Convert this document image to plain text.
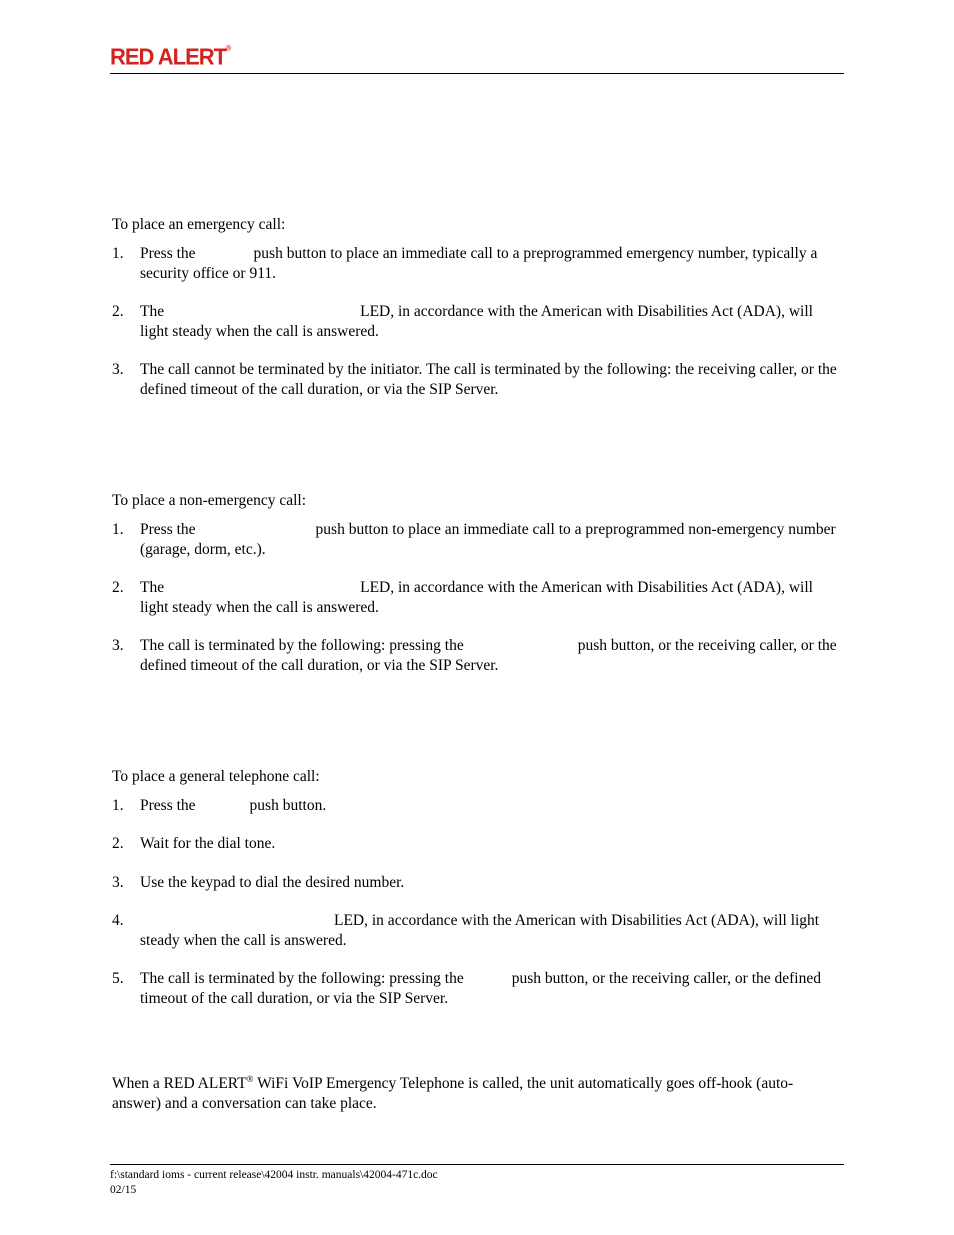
RED ALERT®
To place an emergency call:
1. Press the	push button to place an immediate call to a preprogrammed emergency number, typically a security office or 911.
2. The	LED, in accordance with the American with Disabilities Act (ADA), will light steady when the call is answered.
3. The call cannot be terminated by the initiator. The call is terminated by the following: the receiving caller, or the defined timeout of the call duration, or via the SIP Server.
To place a non-emergency call:
1. Press the	push button to place an immediate call to a preprogrammed non-emergency number (garage, dorm, etc.).
2. The	LED, in accordance with the American with Disabilities Act (ADA), will light steady when the call is answered.
3. The call is terminated by the following: pressing the	push button, or the receiving caller, or the defined timeout of the call duration, or via the SIP Server.
To place a general telephone call:
1. Press the	push button.
2. Wait for the dial tone.
3. Use the keypad to dial the desired number.
4.	LED, in accordance with the American with Disabilities Act (ADA), will light steady when the call is answered.
5. The call is terminated by the following: pressing the	push button, or the receiving caller, or the defined timeout of the call duration, or via the SIP Server.
When a RED ALERT® WiFi VoIP Emergency Telephone is called, the unit automatically goes off-hook (auto-answer) and a conversation can take place.
f:\standard ioms - current release\42004 instr. manuals\42004-471c.doc
02/15
